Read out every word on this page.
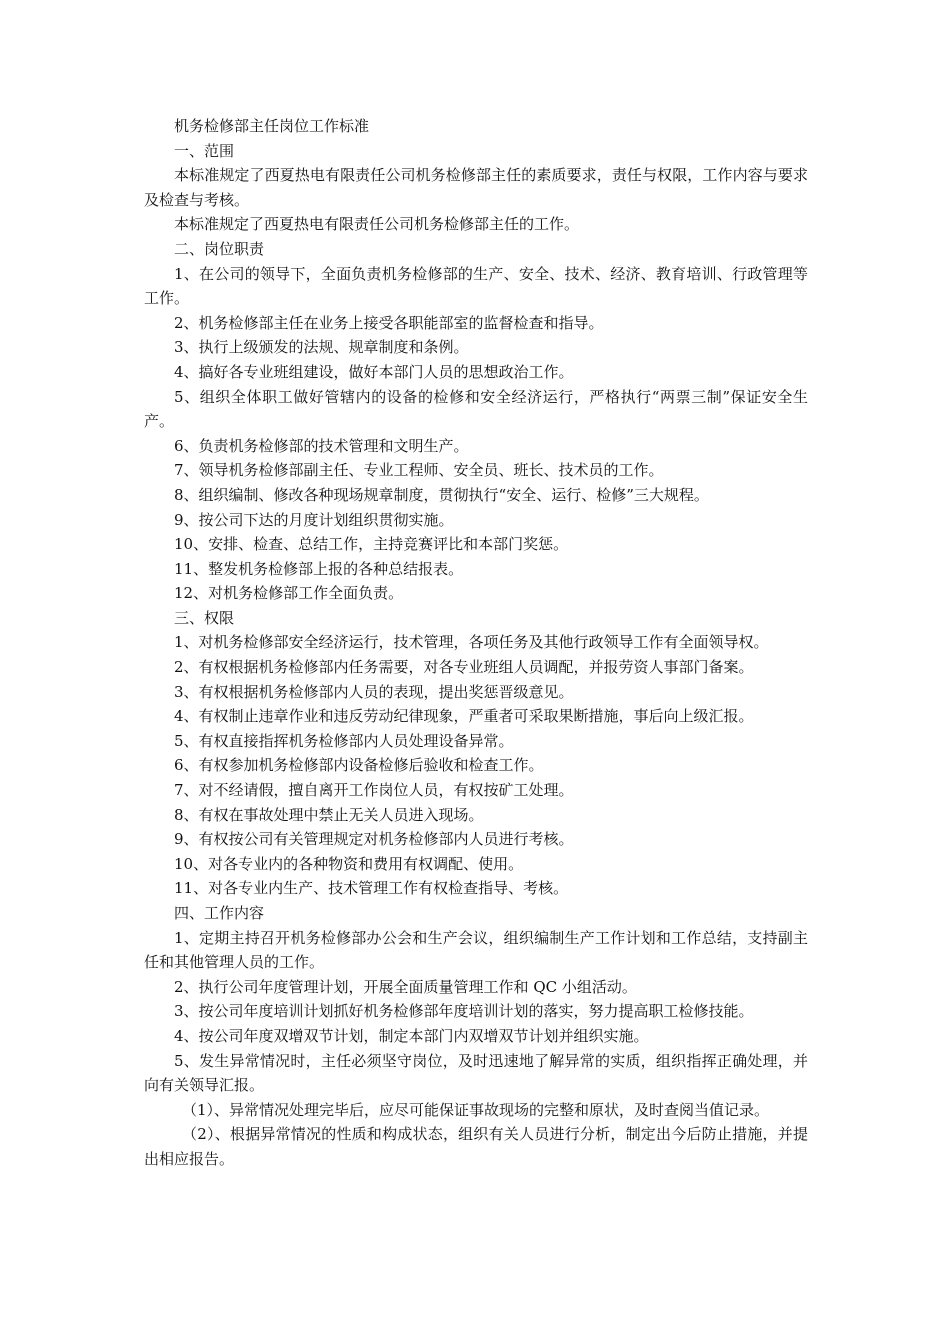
机务检修部主任岗位工作标准

一、范围

本标准规定了西夏热电有限责任公司机务检修部主任的素质要求，责任与权限，工作内容与要求及检查与考核。

本标准规定了西夏热电有限责任公司机务检修部主任的工作。

二、岗位职责

1、在公司的领导下，全面负责机务检修部的生产、安全、技术、经济、教育培训、行政管理等工作。

2、机务检修部主任在业务上接受各职能部室的监督检查和指导。

3、执行上级颁发的法规、规章制度和条例。

4、搞好各专业班组建设，做好本部门人员的思想政治工作。

5、组织全体职工做好管辖内的设备的检修和安全经济运行，严格执行“两票三制”保证安全生产。

6、负责机务检修部的技术管理和文明生产。

7、领导机务检修部副主任、专业工程师、安全员、班长、技术员的工作。

8、组织编制、修改各种现场规章制度，贯彻执行“安全、运行、检修”三大规程。

9、按公司下达的月度计划组织贯彻实施。

10、安排、检查、总结工作，主持竞赛评比和本部门奖惩。

11、整发机务检修部上报的各种总结报表。

12、对机务检修部工作全面负责。

三、权限

1、对机务检修部安全经济运行，技术管理，各项任务及其他行政领导工作有全面领导权。

2、有权根据机务检修部内任务需要，对各专业班组人员调配，并报劳资人事部门备案。

3、有权根据机务检修部内人员的表现，提出奖惩晋级意见。

4、有权制止违章作业和违反劳动纪律现象，严重者可采取果断措施，事后向上级汇报。

5、有权直接指挥机务检修部内人员处理设备异常。

6、有权参加机务检修部内设备检修后验收和检查工作。

7、对不经请假，擅自离开工作岗位人员，有权按矿工处理。

8、有权在事故处理中禁止无关人员进入现场。

9、有权按公司有关管理规定对机务检修部内人员进行考核。

10、对各专业内的各种物资和费用有权调配、使用。

11、对各专业内生产、技术管理工作有权检查指导、考核。

四、工作内容

1、定期主持召开机务检修部办公会和生产会议，组织编制生产工作计划和工作总结，支持副主任和其他管理人员的工作。

2、执行公司年度管理计划，开展全面质量管理工作和 QC 小组活动。

3、按公司年度培训计划抓好机务检修部年度培训计划的落实，努力提高职工检修技能。

4、按公司年度双增双节计划，制定本部门内双增双节计划并组织实施。

5、发生异常情况时，主任必须坚守岗位，及时迅速地了解异常的实质，组织指挥正确处理，并向有关领导汇报。

（1）、异常情况处理完毕后，应尽可能保证事故现场的完整和原状，及时查阅当值记录。

（2）、根据异常情况的性质和构成状态，组织有关人员进行分析，制定出今后防止措施，并提出相应报告。
